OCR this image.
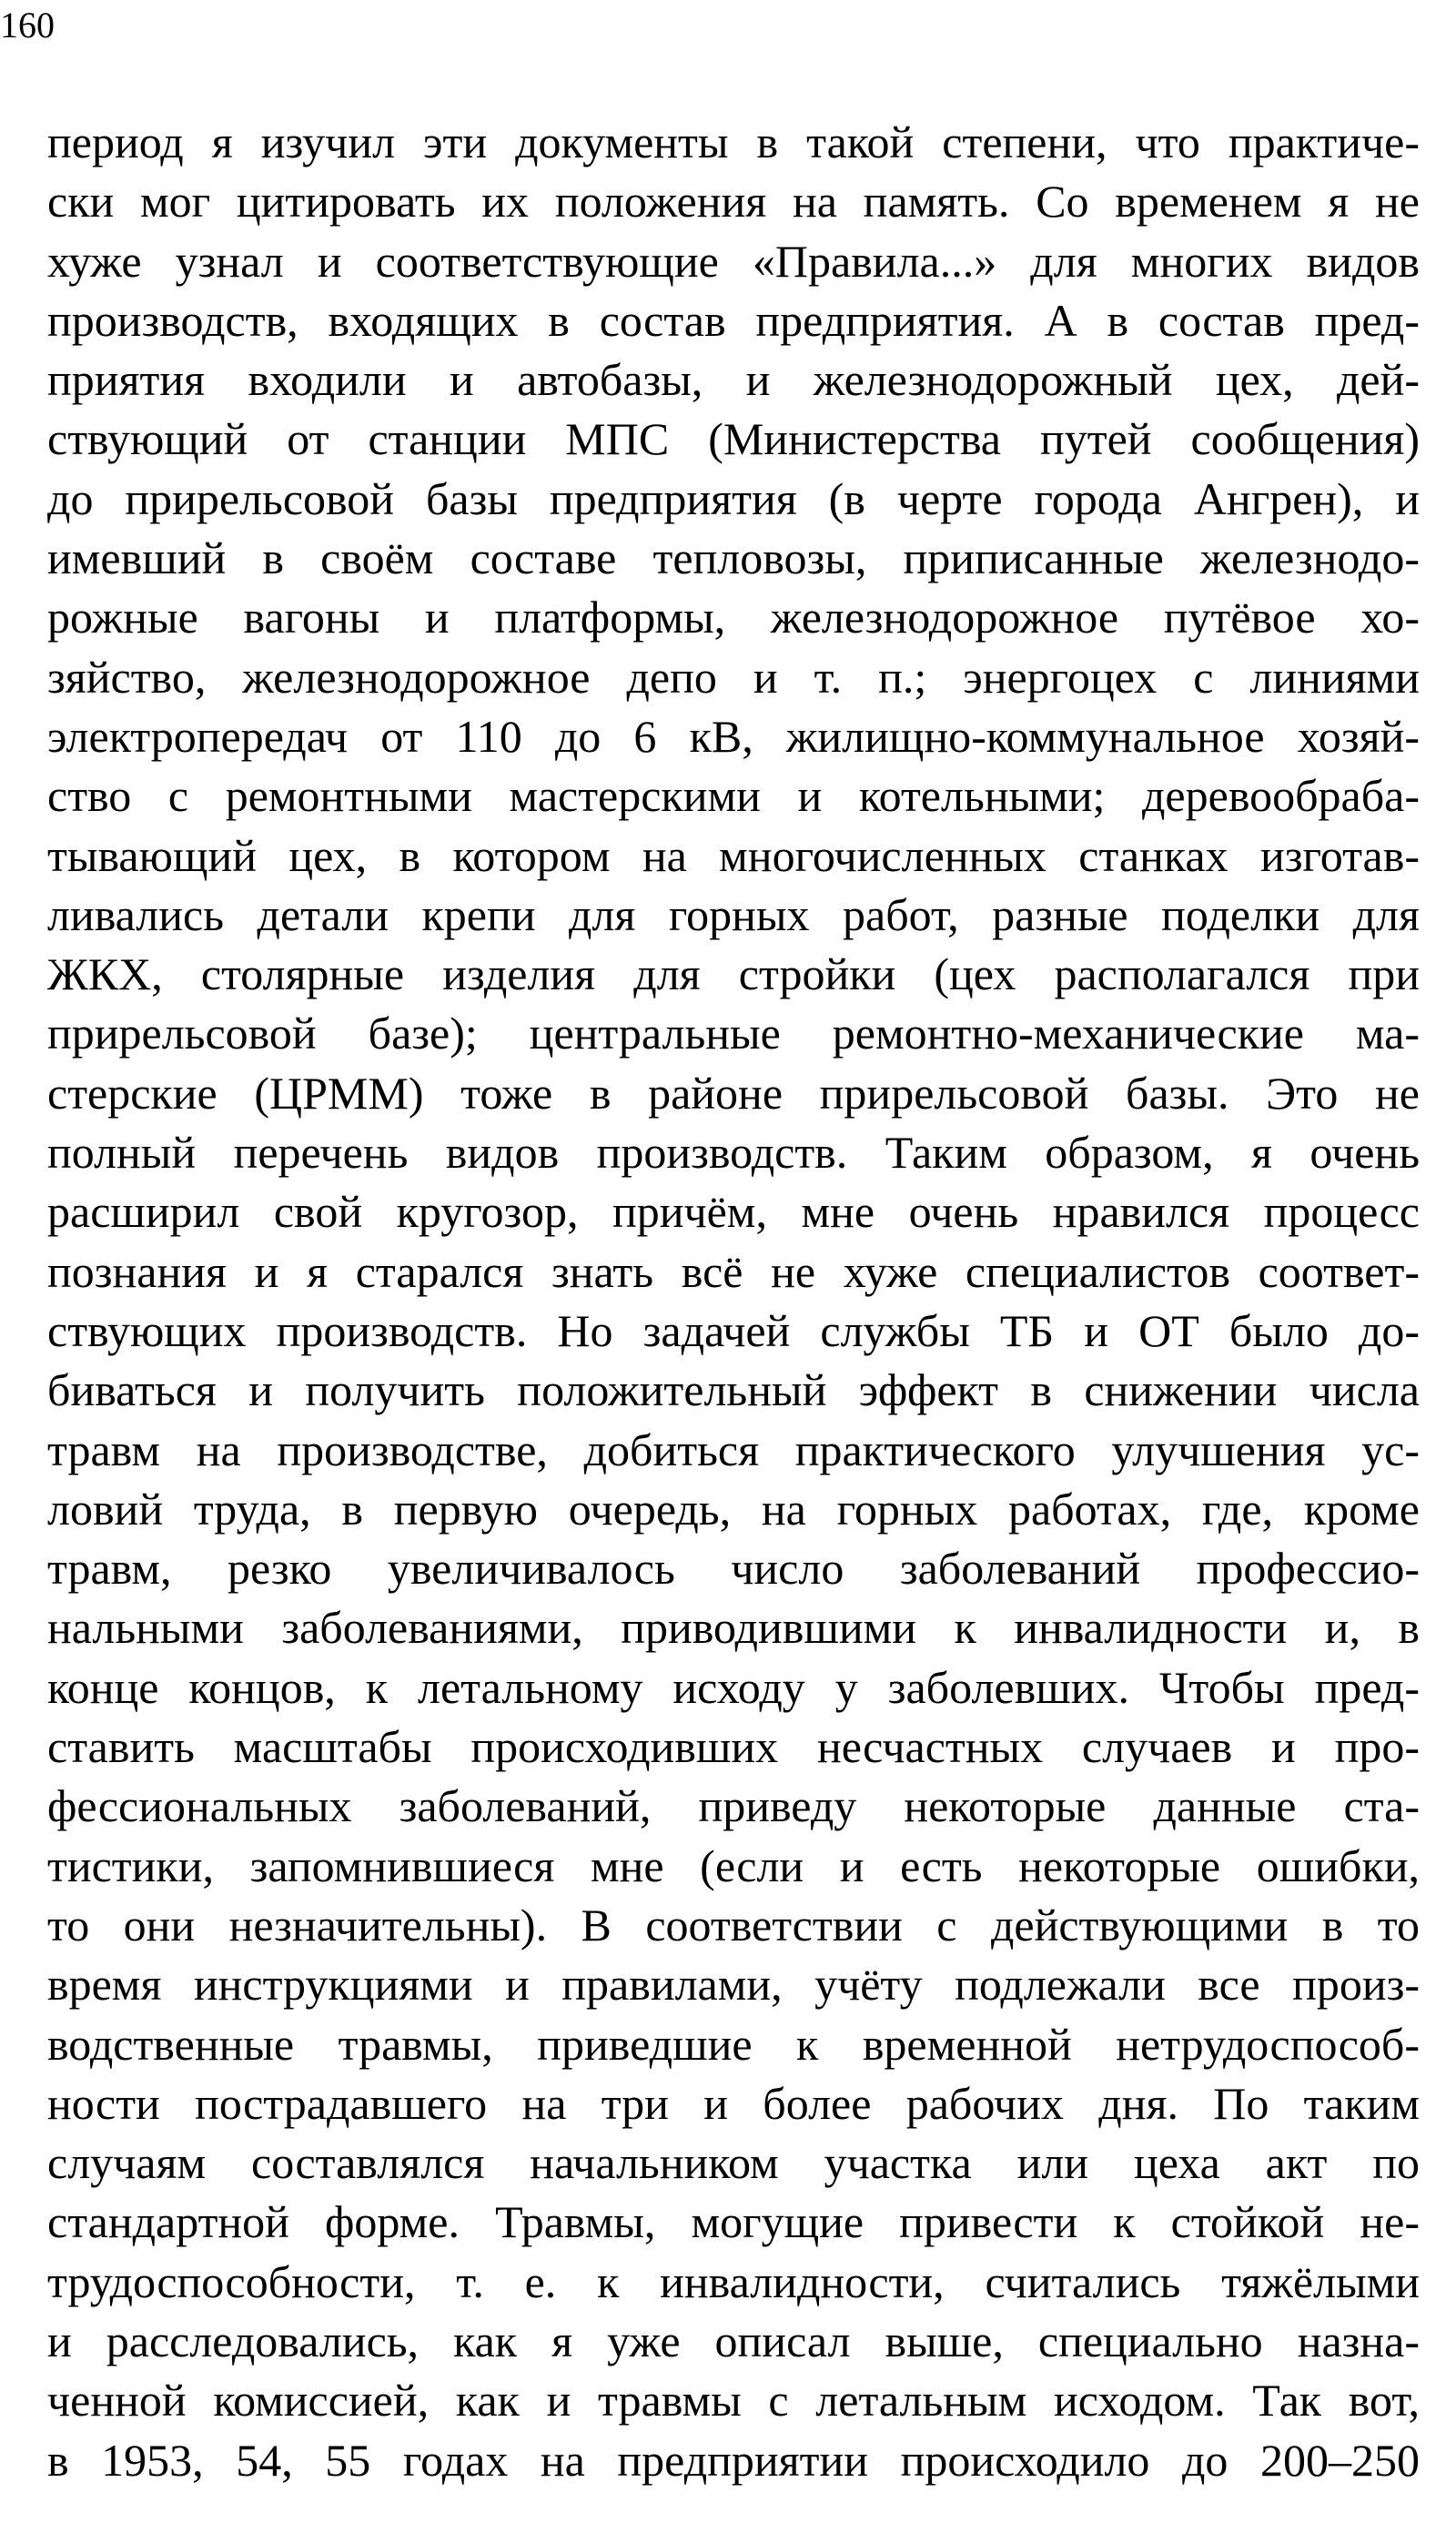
160
период я изучил эти документы в такой степени, что практиче-
ски мог цитировать их положения на память. Со временем я не
хуже узнал и соответствующие «Правила...» для многих видов
производств, входящих в состав предприятия. А в состав пред-
приятия входили и автобазы, и железнодорожный цех, дей-
ствующий от станции МПС (Министерства путей сообщения)
до прирельсовой базы предприятия (в черте города Ангрен), и
имевший в своём составе тепловозы, приписанные железнодо-
рожные вагоны и платформы, железнодорожное путёвое хо-
зяйство, железнодорожное депо и т. п.; энергоцех с линиями
электропередач от 110 до 6 кВ, жилищно-коммунальное хозяй-
ство с ремонтными мастерскими и котельными; деревообраба-
тывающий цех, в котором на многочисленных станках изготав-
ливались детали крепи для горных работ, разные поделки для
ЖКХ, столярные изделия для стройки (цех располагался при
прирельсовой базе); центральные ремонтно-механические ма-
стерские (ЦРММ) тоже в районе прирельсовой базы. Это не
полный перечень видов производств. Таким образом, я очень
расширил свой кругозор, причём, мне очень нравился процесс
познания и я старался знать всё не хуже специалистов соответ-
ствующих производств. Но задачей службы ТБ и ОТ было до-
биваться и получить положительный эффект в снижении числа
травм на производстве, добиться практического улучшения ус-
ловий труда, в первую очередь, на горных работах, где, кроме
травм, резко увеличивалось число заболеваний профессио-
нальными заболеваниями, приводившими к инвалидности и, в
конце концов, к летальному исходу у заболевших. Чтобы пред-
ставить масштабы происходивших несчастных случаев и про-
фессиональных заболеваний, приведу некоторые данные ста-
тистики, запомнившиеся мне (если и есть некоторые ошибки,
то они незначительны). В соответствии с действующими в то
время инструкциями и правилами, учёту подлежали все произ-
водственные травмы, приведшие к временной нетрудоспособ-
ности пострадавшего на три и более рабочих дня. По таким
случаям составлялся начальником участка или цеха акт по
стандартной форме. Травмы, могущие привести к стойкой не-
трудоспособности, т. е. к инвалидности, считались тяжёлыми
и расследовались, как я уже описал выше, специально назна-
ченной комиссией, как и травмы с летальным исходом. Так вот,
в 1953, 54, 55 годах на предприятии происходило до 200–250
